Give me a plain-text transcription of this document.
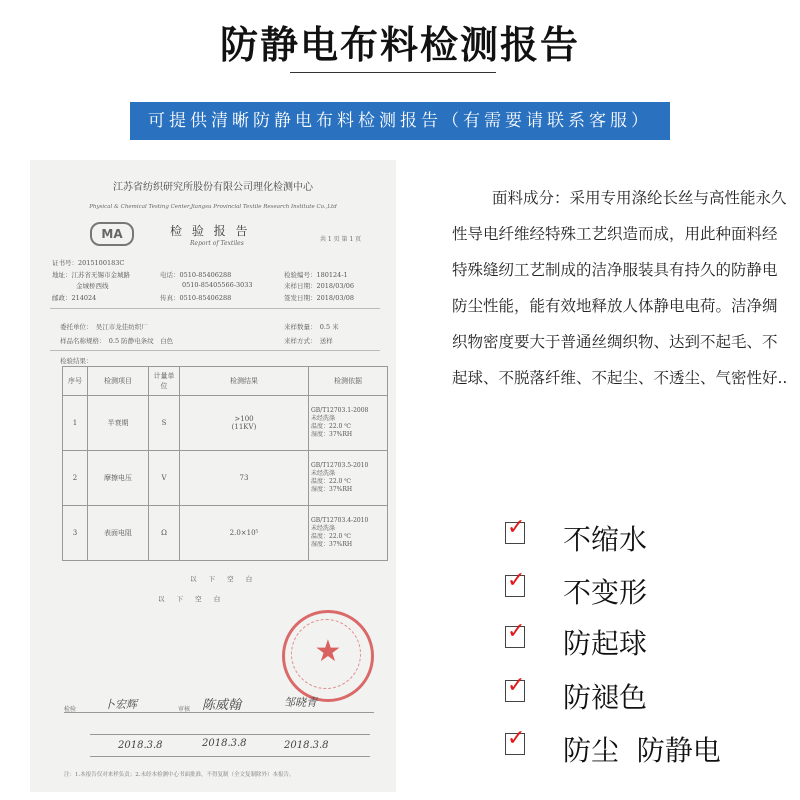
防静电布料检测报告
可提供清晰防静电布料检测报告（有需要请联系客服）
江苏省纺织研究所股份有限公司理化检测中心
Physical & Chemical Testing Center,Jiangsu Provincial Textile Research Institute Co.,Ltd
MA	检 验 报 告
Report of Textiles
共 1 页 第 1 页
证书号：2015100183C
地址：江苏省无锡市金城路
金城桥西线
邮政：214024
电话：0510-85406288
0510-85405566-3033
传真：0510-85406288
检验编号：180124-1
来样日期：2018/03/06
签发日期：2018/03/08
委托单位：　吴江市龙佳纺织厂
样品名称规格：　0.5 防静电条纹　白色
来样数量：　0.5 米
来样方式：　送样
检验结果：
序号	检测项目	计量单位	检测结果	检测依据
1	半衰期	S	>100
(11KV)	GB/T12703.1-2008
未经洗涤
温度：22.0 ℃
湿度：37%RH
2	摩擦电压	V	73	GB/T12703.5-2010
未经洗涤
温度：22.0 ℃
湿度：37%RH
3	表面电阻	Ω	2.0×10⁵	GB/T12703.4-2010
未经洗涤
温度：22.0 ℃
湿度：37%RH
以 下 空 白
以 下 空 白
★
检验	卜宏辉	审核 陈威翰	邹晓青
2018.3.8	2018.3.8	2018.3.8
注：1.本报告仅对来样负责；2.未经本检测中心书面批准，不得复制（全文复制除外）本报告。

面料成分：采用专用涤纶长丝与高性能永久性导电纤维经特殊工艺织造而成，用此种面料经特殊缝纫工艺制成的洁净服装具有持久的防静电防尘性能，能有效地释放人体静电电荷。洁净绸织物密度要大于普通丝绸织物、达到不起毛、不起球、不脱落纤维、不起尘、不透尘、气密性好..

✓ 不缩水
✓ 不变形
✓ 防起球
✓ 防褪色
✓ 防尘  防静电
